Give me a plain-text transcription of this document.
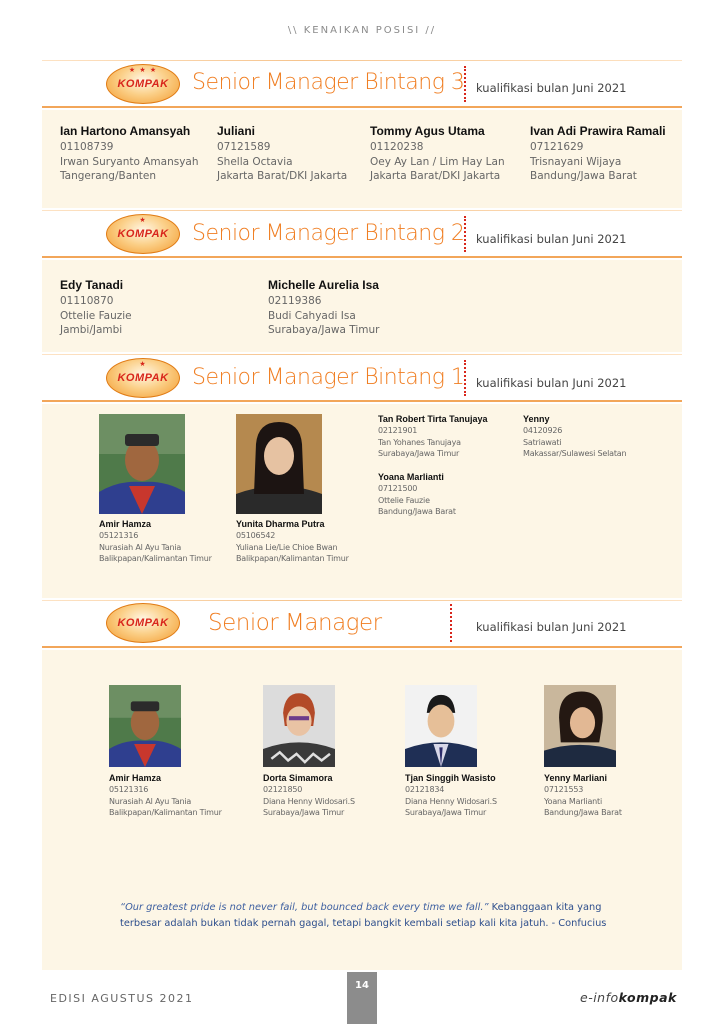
\\ KENAIKAN POSISI //
★ ★ ★
KOMPAK Senior Manager Bintang 3 kualifikasi bulan Juni 2021
Ian Hartono Amansyah
01108739
Irwan Suryanto Amansyah
Tangerang/Banten
Juliani
07121589
Shella Octavia
Jakarta Barat/DKI Jakarta
Tommy Agus Utama
01120238
Oey Ay Lan / Lim Hay Lan
Jakarta Barat/DKI Jakarta
Ivan Adi Prawira Ramali
07121629
Trisnayani Wijaya
Bandung/Jawa Barat
★
KOMPAK Senior Manager Bintang 2 kualifikasi bulan Juni 2021
Edy Tanadi
01110870
Ottelie Fauzie
Jambi/Jambi
Michelle Aurelia Isa
02119386
Budi Cahyadi Isa
Surabaya/Jawa Timur
★
KOMPAK Senior Manager Bintang 1 kualifikasi bulan Juni 2021
Amir Hamza
05121316
Nurasiah Al Ayu Tania
Balikpapan/Kalimantan Timur
Yunita Dharma Putra
05106542
Yuliana Lie/Lie Chioe Bwan
Balikpapan/Kalimantan Timur
Tan Robert Tirta Tanujaya
02121901
Tan Yohanes Tanujaya
Surabaya/Jawa Timur
Yenny
04120926
Satriawati
Makassar/Sulawesi Selatan
Yoana Marlianti
07121500
Ottelie Fauzie
Bandung/Jawa Barat
KOMPAK Senior Manager	kualifikasi bulan Juni 2021
Amir Hamza
05121316
Nurasiah Al Ayu Tania
Balikpapan/Kalimantan Timur
Dorta Simamora
02121850
Diana Henny Widosari.S
Surabaya/Jawa Timur
Tjan Singgih Wasisto
02121834
Diana Henny Widosari.S
Surabaya/Jawa Timur
Yenny Marliani
07121553
Yoana Marlianti
Bandung/Jawa Barat
“Our greatest pride is not never fail, but bounced back every time we fall.” Kebanggaan kita yang terbesar adalah bukan tidak pernah gagal, tetapi bangkit kembali setiap kali kita jatuh. - Confucius
EDISI AGUSTUS 2021
14
e-infokompak
